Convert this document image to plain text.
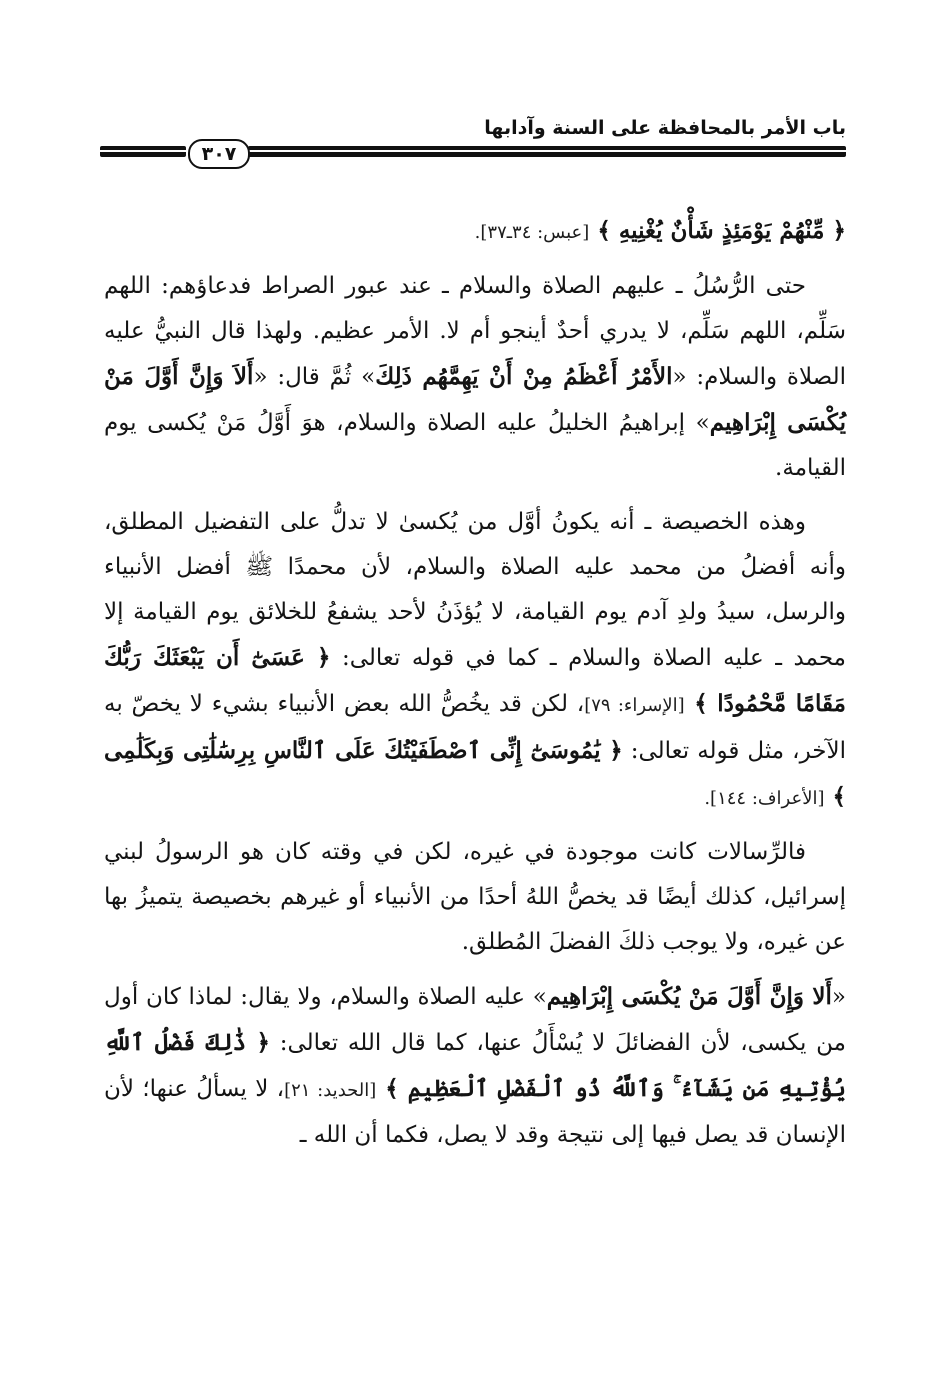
باب الأمر بالمحافظة على السنة وآدابها
٣٠٧

﴿ مِّنْهُمْ يَوْمَئِذٍ شَأْنٌ يُغْنِيهِ ﴾ [عبس: ٣٤ـ٣٧].

حتى الرُّسُلُ ـ عليهم الصلاة والسلام ـ عند عبور الصراط فدعاؤهم: اللهم سَلِّم، اللهم سَلِّم، لا يدري أحدٌ أينجو أم لا. الأمر عظيم. ولهذا قال النبيُّ عليه الصلاة والسلام: «الأَمْرُ أَعْظَمُ مِنْ أَنْ يَهِمَّهُم ذَلِكَ» ثُمَّ قال: «أَلاَ وَإِنَّ أَوَّلَ مَنْ يُكْسَى إِبْرَاهِيم» إبراهيمُ الخليلُ عليه الصلاة والسلام، هوَ أَوَّلُ مَنْ يُكسى يوم القيامة.

وهذه الخصيصة ـ أنه يكونُ أوَّل من يُكسىٰ لا تدلُّ على التفضيل المطلق، وأنه أفضلُ من محمد عليه الصلاة والسلام، لأن محمدًا ﷺ أفضل الأنبياء والرسل، سيدُ ولدِ آدم يوم القيامة، لا يُؤذَنُ لأحد يشفعُ للخلائق يوم القيامة إلا محمد ـ عليه الصلاة والسلام ـ كما في قوله تعالى: ﴿ عَسَىٰٓ أَن يَبْعَثَكَ رَبُّكَ مَقَامًا مَّحْمُودًا ﴾ [الإسراء: ٧٩]، لكن قد يخُصُّ الله بعض الأنبياء بشيء لا يخصّ به الآخر، مثل قوله تعالى: ﴿ يَٰمُوسَىٰٓ إِنِّى ٱصْطَفَيْتُكَ عَلَى ٱلنَّاسِ بِرِسَٰلَٰتِى وَبِكَلَٰمِى ﴾ [الأعراف: ١٤٤].

فالرِّسالات كانت موجودة في غيره، لكن في وقته كان هو الرسولُ لبني إسرائيل، كذلك أيضًا قد يخصُّ اللهُ أحدًا من الأنبياء أو غيرهم بخصيصة يتميزُ بها عن غيره، ولا يوجب ذلكَ الفضلَ المُطلق.

«أَلا وَإِنَّ أَوَّلَ مَنْ يُكْسَى إِبْرَاهِيم» عليه الصلاة والسلام، ولا يقال: لماذا كان أول من يكسى، لأن الفضائلَ لا يُسْأَلُ عنها، كما قال الله تعالى: ﴿ ذَٰلِكَ فَضْلُ ٱللَّهِ يُؤْتِيهِ مَن يَشَآءُ ۚ وَٱللَّهُ ذُو ٱلْفَضْلِ ٱلْعَظِيمِ ﴾ [الحديد: ٢١]، لا يسألُ عنها؛ لأن الإنسان قد يصل فيها إلى نتيجة وقد لا يصل، فكما أن الله ـ
